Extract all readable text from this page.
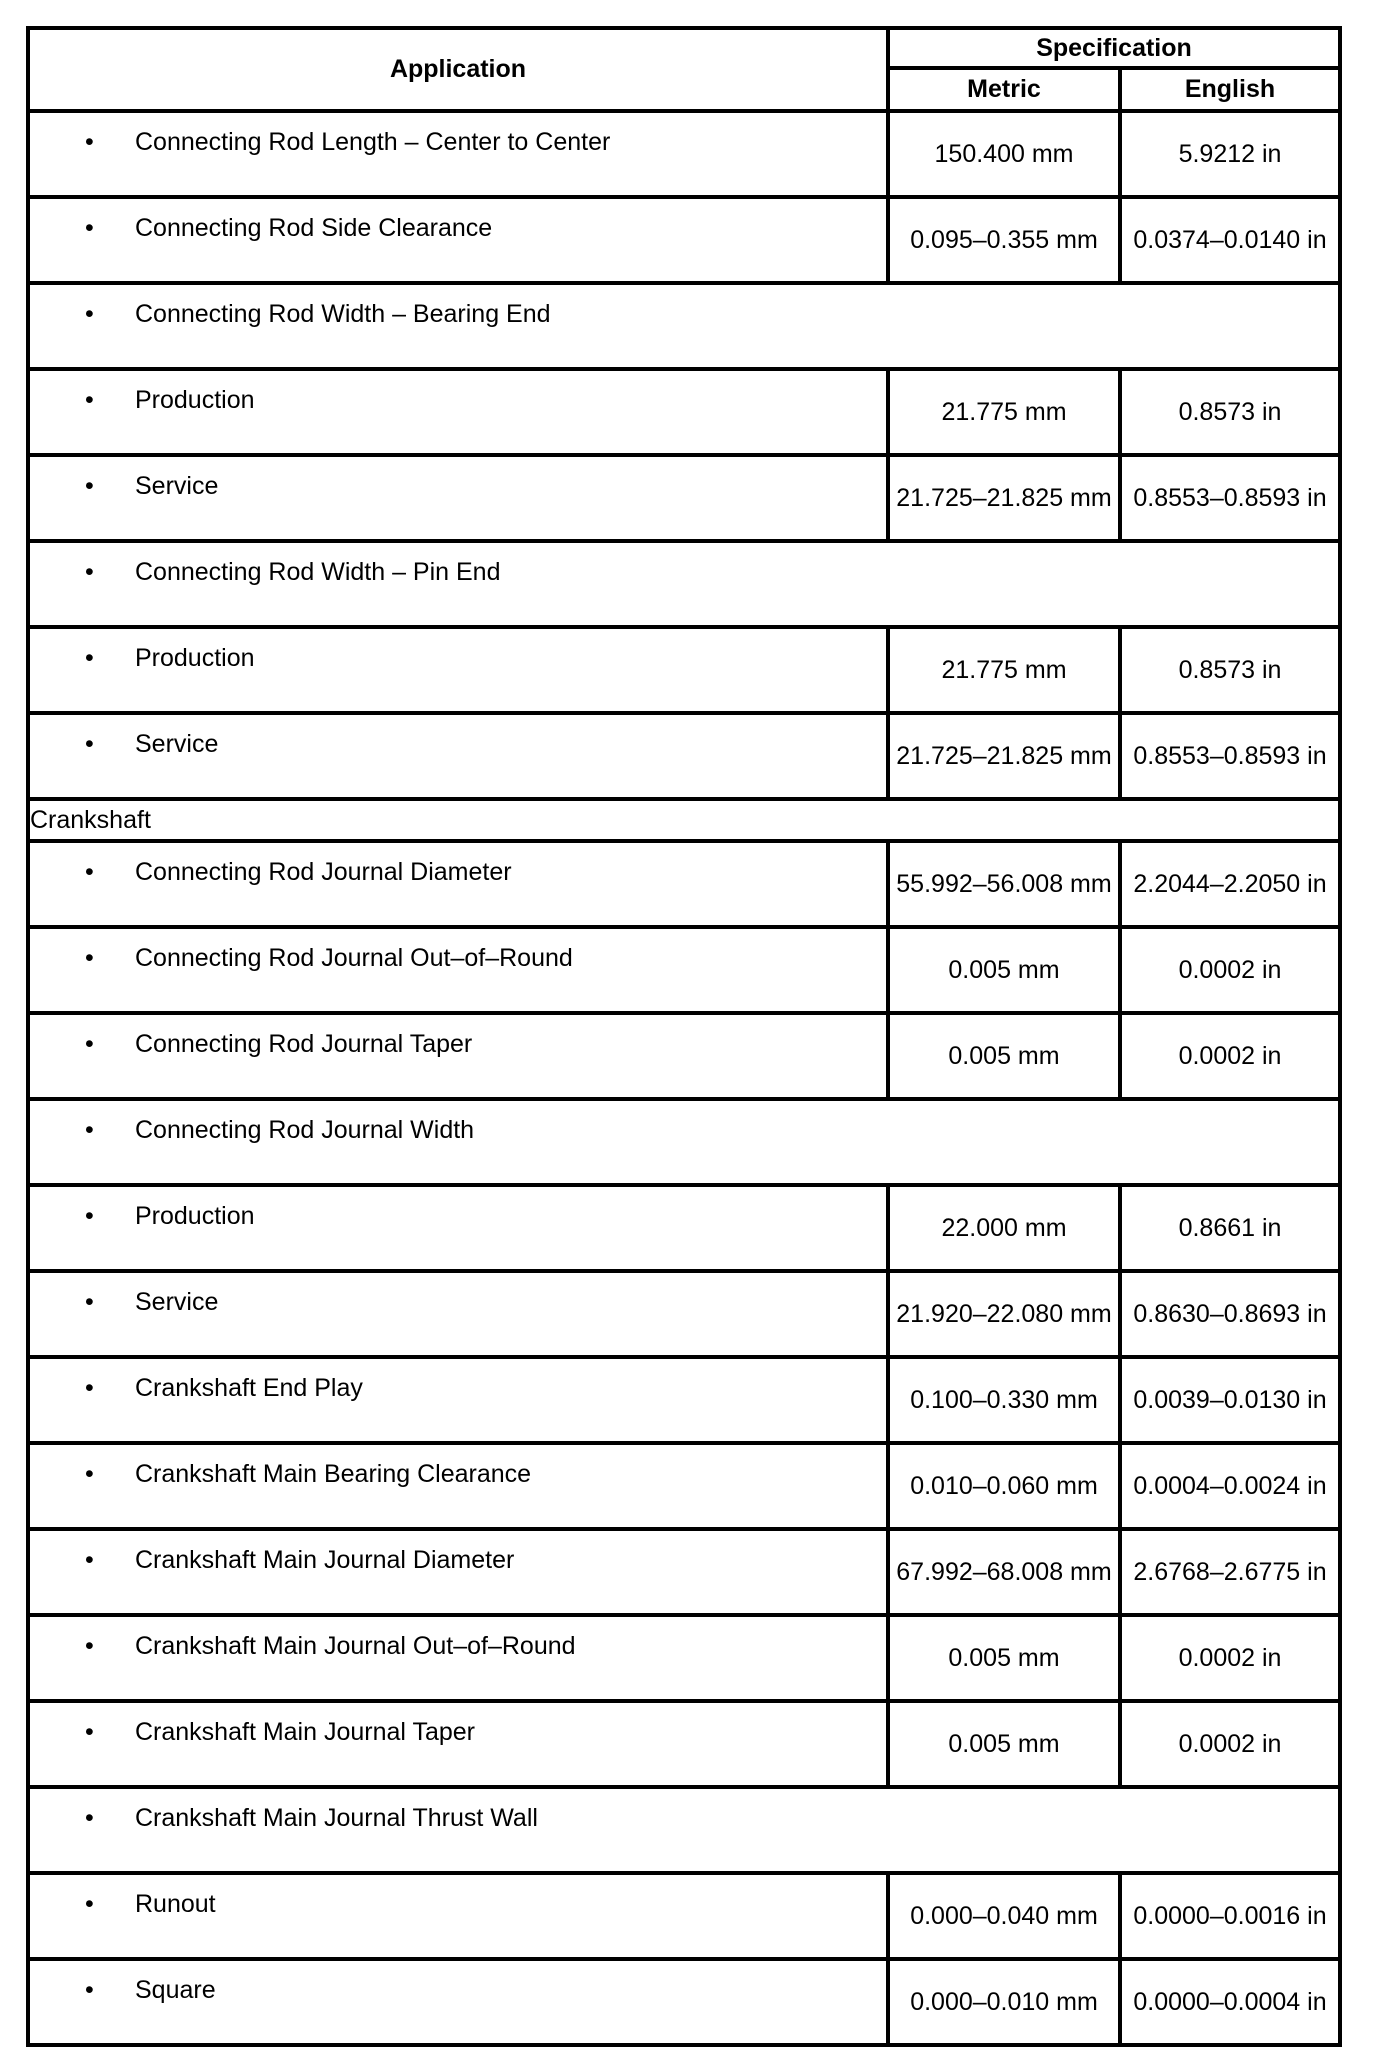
Application	Specification	
	Metric	English

• Connecting Rod Length – Center to Center	150.400 mm	5.9212 in

• Connecting Rod Side Clearance	0.095–0.355 mm	0.0374–0.0140 in

• Connecting Rod Width – Bearing End		

• Production	21.775 mm	0.8573 in

• Service	21.725–21.825 mm	0.8553–0.8593 in

• Connecting Rod Width – Pin End		

• Production	21.775 mm	0.8573 in

• Service	21.725–21.825 mm	0.8553–0.8593 in
Crankshaft		

• Connecting Rod Journal Diameter	55.992–56.008 mm	2.2044–2.2050 in

• Connecting Rod Journal Out–of–Round	0.005 mm	0.0002 in

• Connecting Rod Journal Taper	0.005 mm	0.0002 in

• Connecting Rod Journal Width		

• Production	22.000 mm	0.8661 in

• Service	21.920–22.080 mm	0.8630–0.8693 in

• Crankshaft End Play	0.100–0.330 mm	0.0039–0.0130 in

• Crankshaft Main Bearing Clearance	0.010–0.060 mm	0.0004–0.0024 in

• Crankshaft Main Journal Diameter	67.992–68.008 mm	2.6768–2.6775 in

• Crankshaft Main Journal Out–of–Round	0.005 mm	0.0002 in

• Crankshaft Main Journal Taper	0.005 mm	0.0002 in

• Crankshaft Main Journal Thrust Wall		

• Runout	0.000–0.040 mm	0.0000–0.0016 in

• Square	0.000–0.010 mm	0.0000–0.0004 in
